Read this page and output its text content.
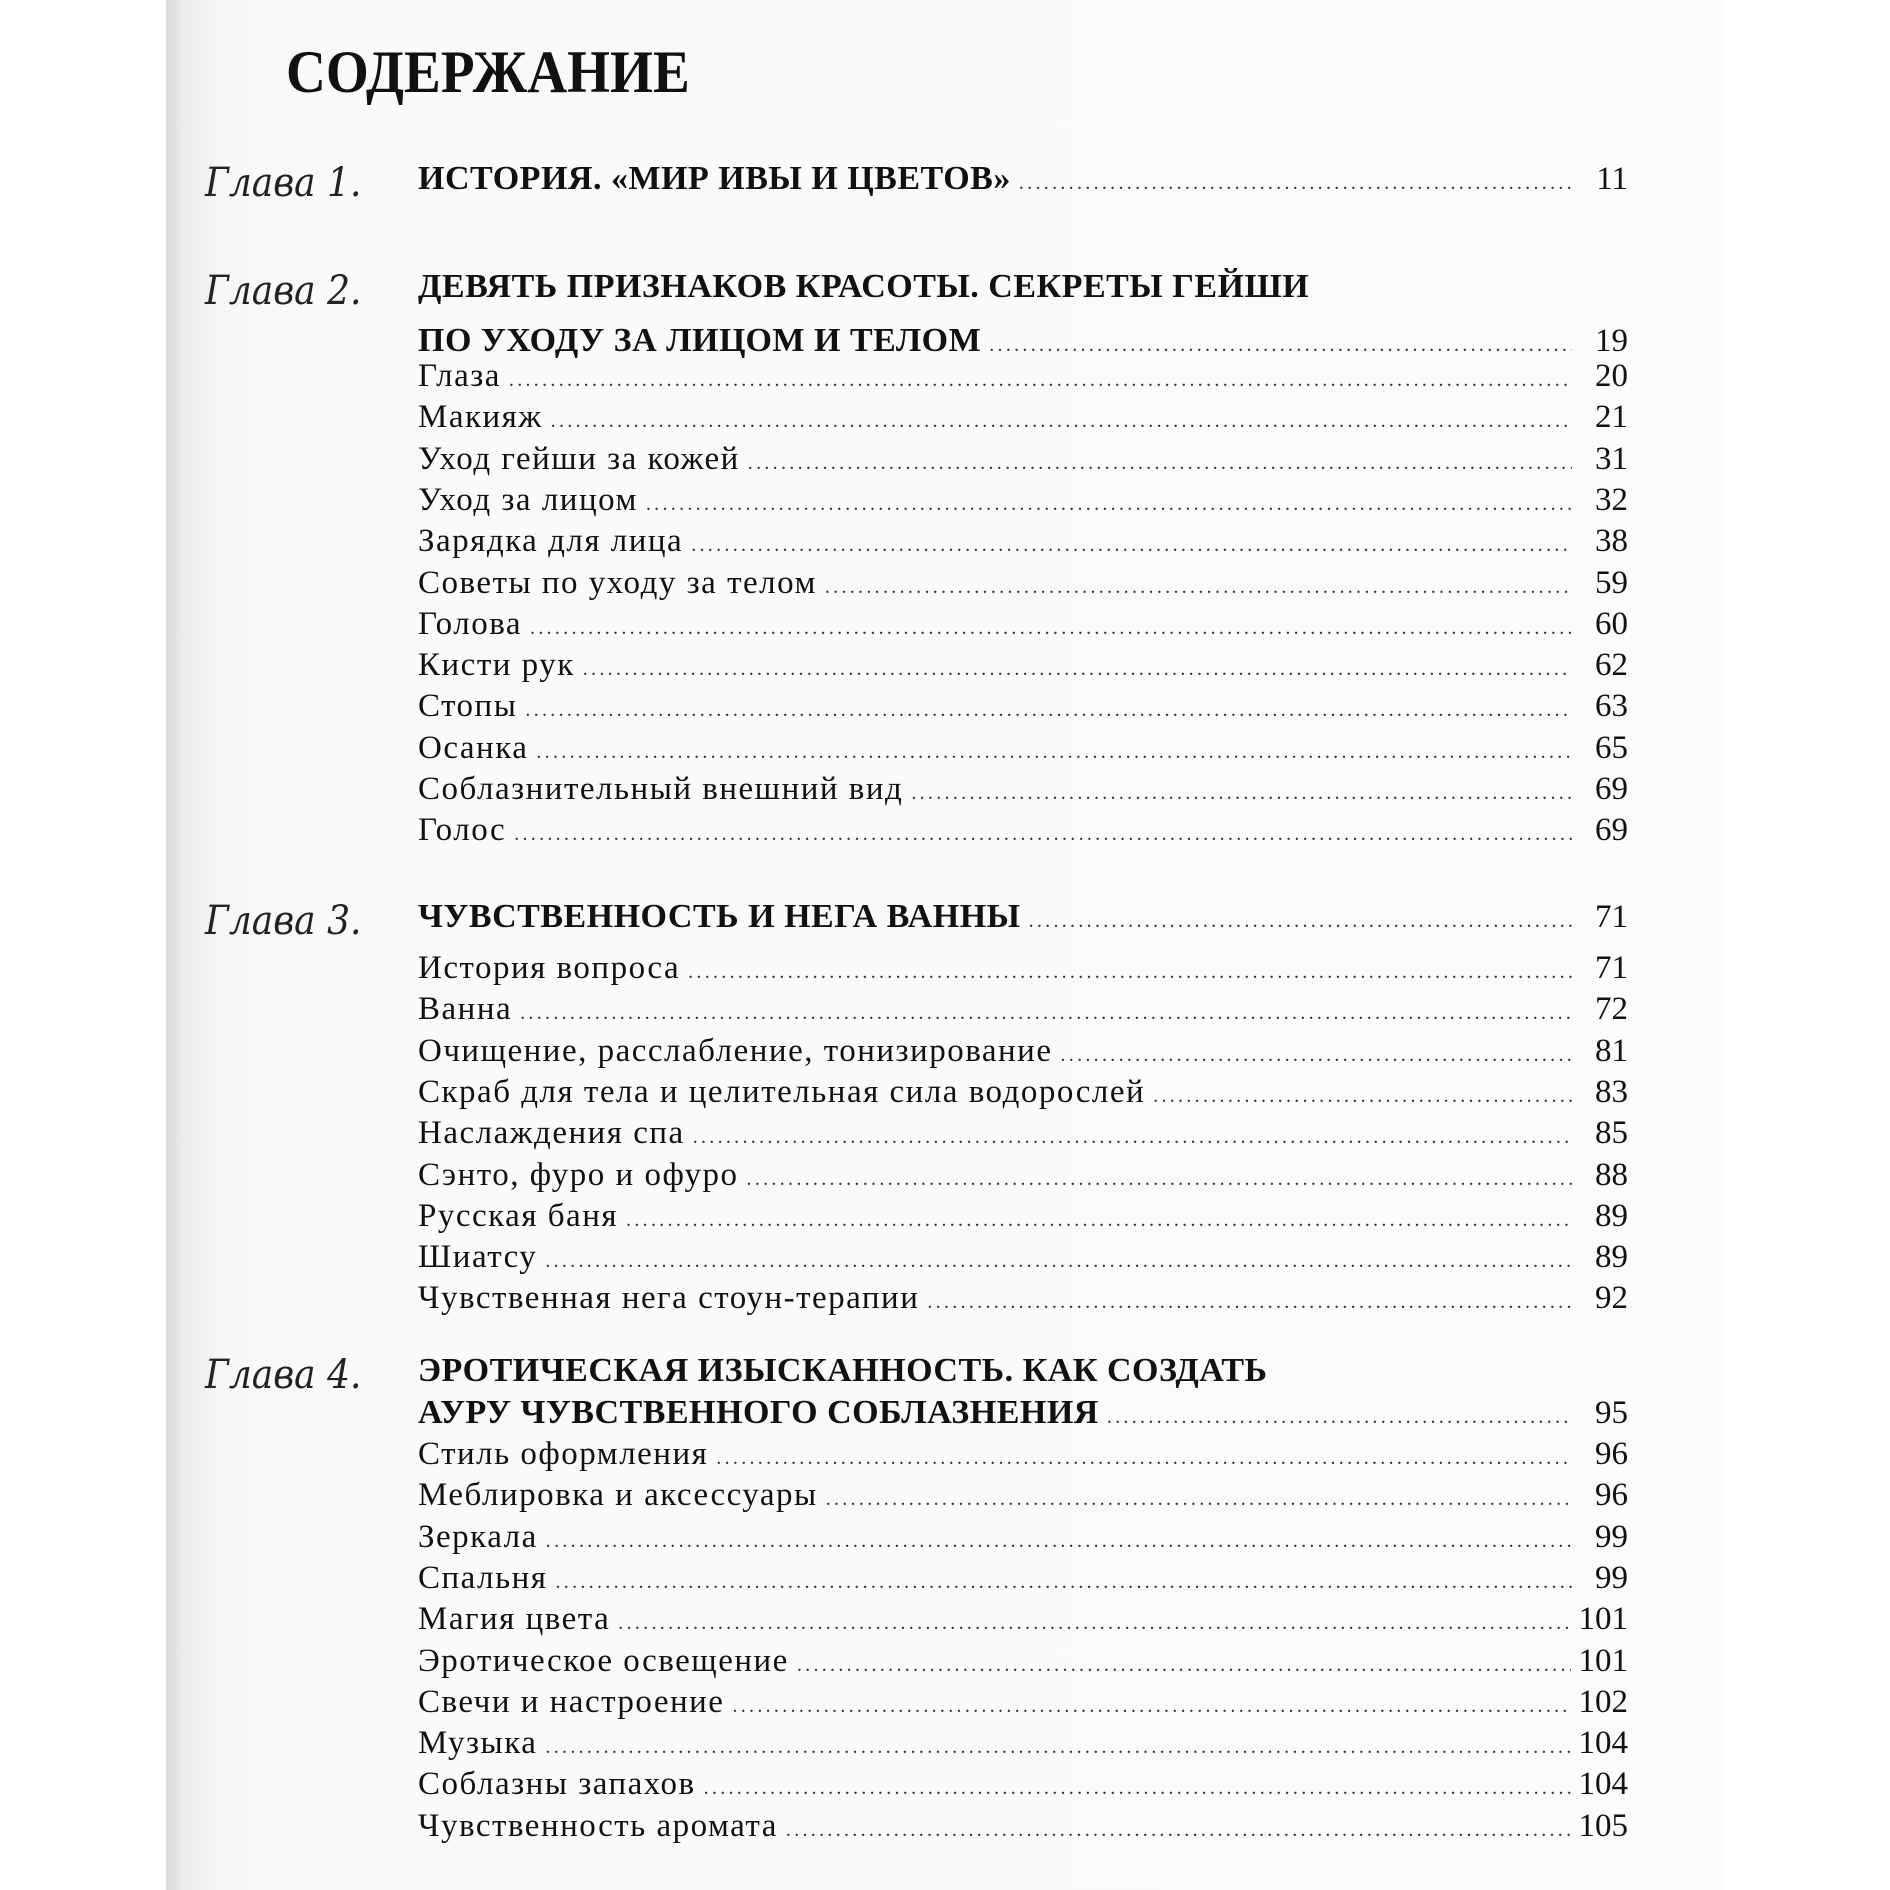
СОДЕРЖАНИЕ
Глава 1. ИСТОРИЯ. «МИР ИВЫ И ЦВЕТОВ» .....	11
Глава 2. ДЕВЯТЬ ПРИЗНАКОВ КРАСОТЫ. СЕКРЕТЫ ГЕЙШИ
ПО УХОДУ ЗА ЛИЦОМ И ТЕЛОМ .....	19
Глаза .....	20
Макияж .....	21
Уход гейши за кожей .....	31
Уход за лицом .....	32
Зарядка для лица .....	38
Советы по уходу за телом .....	59
Голова .....	60
Кисти рук .....	62
Стопы .....	63
Осанка .....	65
Соблазнительный внешний вид .....	69
Голос .....	69
Глава 3. ЧУВСТВЕННОСТЬ И НЕГА ВАННЫ .....	71
История вопроса .....	71
Ванна .....	72
Очищение, расслабление, тонизирование .....	81
Скраб для тела и целительная сила водорослей .....	83
Наслаждения спа .....	85
Сэнто, фуро и офуро .....	88
Русская баня .....	89
Шиатсу .....	89
Чувственная нега стоун-терапии .....	92
Глава 4. ЭРОТИЧЕСКАЯ ИЗЫСКАННОСТЬ. КАК СОЗДАТЬ
АУРУ ЧУВСТВЕННОГО СОБЛАЗНЕНИЯ .....	95
Стиль оформления .....	96
Меблировка и аксессуары .....	96
Зеркала .....	99
Спальня .....	99
Магия цвета .....	101
Эротическое освещение .....	101
Свечи и настроение .....	102
Музыка .....	104
Соблазны запахов .....	104
Чувственность аромата .....	105
